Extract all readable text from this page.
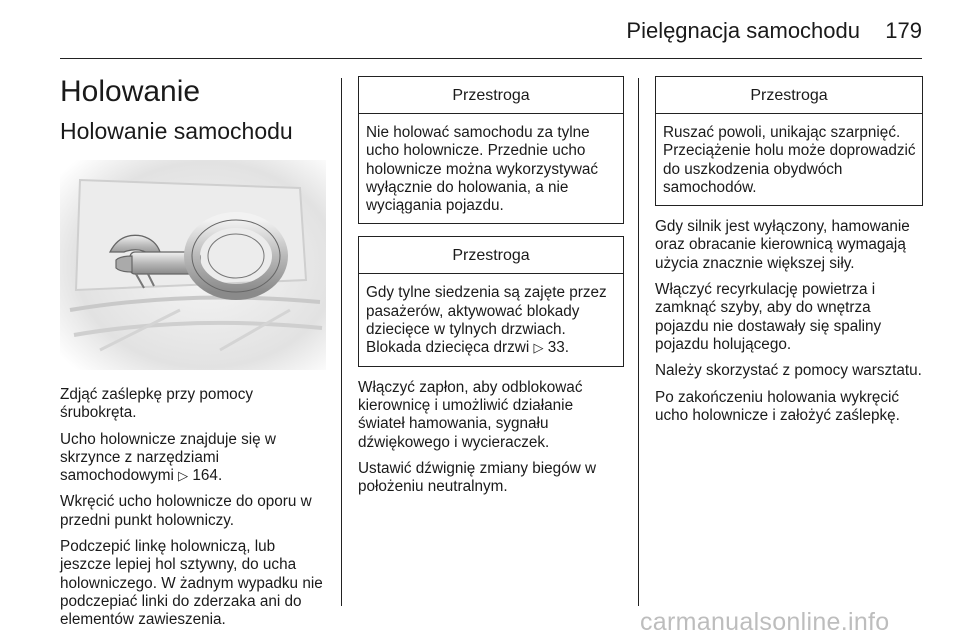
Pielęgnacja samochodu 179
Holowanie
Holowanie samochodu

Zdjąć zaślepkę przy pomocy śrubokręta.

Ucho holownicze znajduje się w skrzynce z narzędziami samochodowymi ▷ 164.

Wkręcić ucho holownicze do oporu w przedni punkt holowniczy.

Podczepić linkę holowniczą, lub jeszcze lepiej hol sztywny, do ucha holowniczego. W żadnym wypadku nie podczepiać linki do zderzaka ani do elementów zawieszenia.

Przestroga

Nie holować samochodu za tylne ucho holownicze. Przednie ucho holownicze można wykorzystywać wyłącznie do holowania, a nie wyciągania pojazdu.

Przestroga

Gdy tylne siedzenia są zajęte przez pasażerów, aktywować blokady dziecięce w tylnych drzwiach. Blokada dziecięca drzwi ▷ 33.

Włączyć zapłon, aby odblokować kierownicę i umożliwić działanie świateł hamowania, sygnału dźwiękowego i wycieraczek.

Ustawić dźwignię zmiany biegów w położeniu neutralnym.

Przestroga

Ruszać powoli, unikając szarpnięć. Przeciążenie holu może doprowadzić do uszkodzenia obydwóch samochodów.

Gdy silnik jest wyłączony, hamowanie oraz obracanie kierownicą wymagają użycia znacznie większej siły.

Włączyć recyrkulację powietrza i zamknąć szyby, aby do wnętrza pojazdu nie dostawały się spaliny pojazdu holującego.

Należy skorzystać z pomocy warsztatu.

Po zakończeniu holowania wykręcić ucho holownicze i założyć zaślepkę.

carmanualsonline.info
